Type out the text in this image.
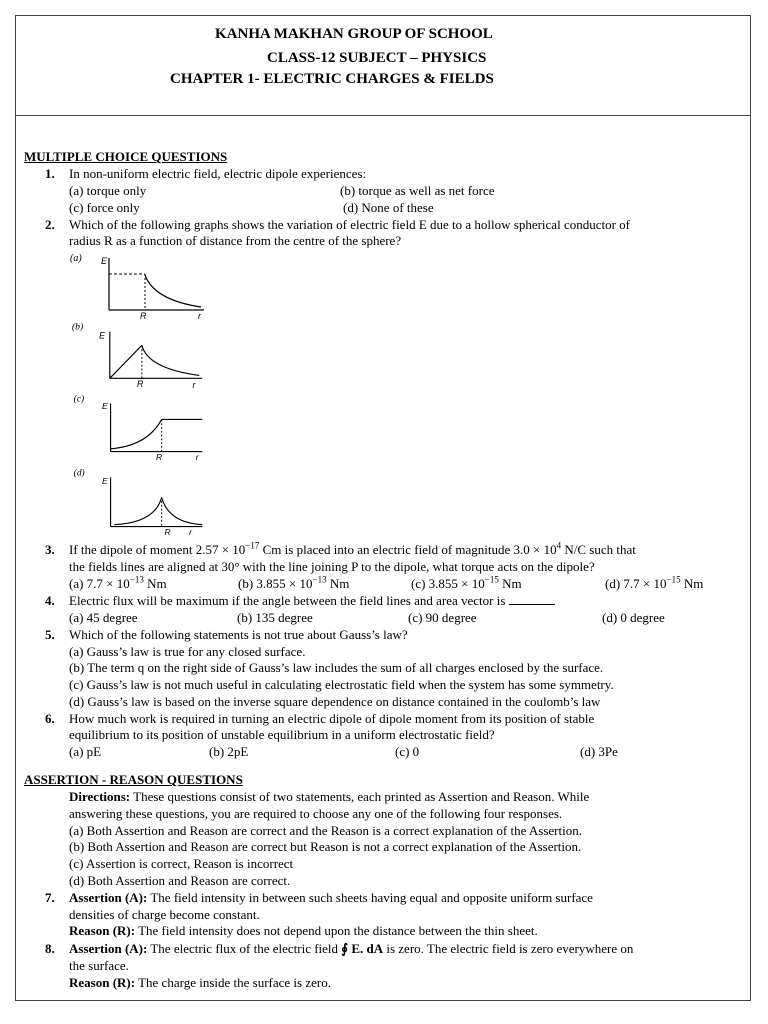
KANHA MAKHAN GROUP OF SCHOOL
CLASS-12 SUBJECT – PHYSICS
CHAPTER 1- ELECTRIC CHARGES & FIELDS
MULTIPLE CHOICE QUESTIONS
1. In non-uniform electric field, electric dipole experiences:
(a) torque only	(b) torque as well as net force
(c) force only	(d) None of these
2. Which of the following graphs shows the variation of electric field E due to a hollow spherical conductor of
radius R as a function of distance from the centre of the sphere?
(a) E
R	r
(b)
E
R	r
(c)
E
R	r
(d)
E
R r
3. If the dipole of moment $2.57 \times 10^{-17}$ Cm is placed into an electric field of magnitude $3.0 \times 10^4$ N/C such that
the fields lines are aligned at 30° with the line joining P to the dipole, what torque acts on the dipole?
(a) $7.7 \times 10^{-13}$ Nm	(b) $3.855 \times 10^{-13}$ Nm	(c) $3.855 \times 10^{-15}$ Nm	(d) $7.7 \times 10^{-15}$ Nm
4. Electric flux will be maximum if the angle between the field lines and area vector is
(a) 45 degree	(b) 135 degree	(c) 90 degree	(d) 0 degree
5. Which of the following statements is not true about Gauss’s law?
(a) Gauss’s law is true for any closed surface.
(b) The term q on the right side of Gauss’s law includes the sum of all charges enclosed by the surface.
(c) Gauss’s law is not much useful in calculating electrostatic field when the system has some symmetry.
(d) Gauss’s law is based on the inverse square dependence on distance contained in the coulomb’s law
6. How much work is required in turning an electric dipole of dipole moment from its position of stable
equilibrium to its position of unstable equilibrium in a uniform electrostatic field?
(a) pE	(b) 2pE	(c) 0	(d) 3Pe
ASSERTION - REASON QUESTIONS
Directions: These questions consist of two statements, each printed as Assertion and Reason. While
answering these questions, you are required to choose any one of the following four responses.
(a) Both Assertion and Reason are correct and the Reason is a correct explanation of the Assertion.
(b) Both Assertion and Reason are correct but Reason is not a correct explanation of the Assertion.
(c) Assertion is correct, Reason is incorrect
(d) Both Assertion and Reason are correct.
7. Assertion (A): The field intensity in between such sheets having equal and opposite uniform surface
densities of charge become constant.
Reason (R): The field intensity does not depend upon the distance between the thin sheet.
8. Assertion (A): The electric flux of the electric field ∮ E. dA is zero. The electric field is zero everywhere on
the surface.
Reason (R): The charge inside the surface is zero.
